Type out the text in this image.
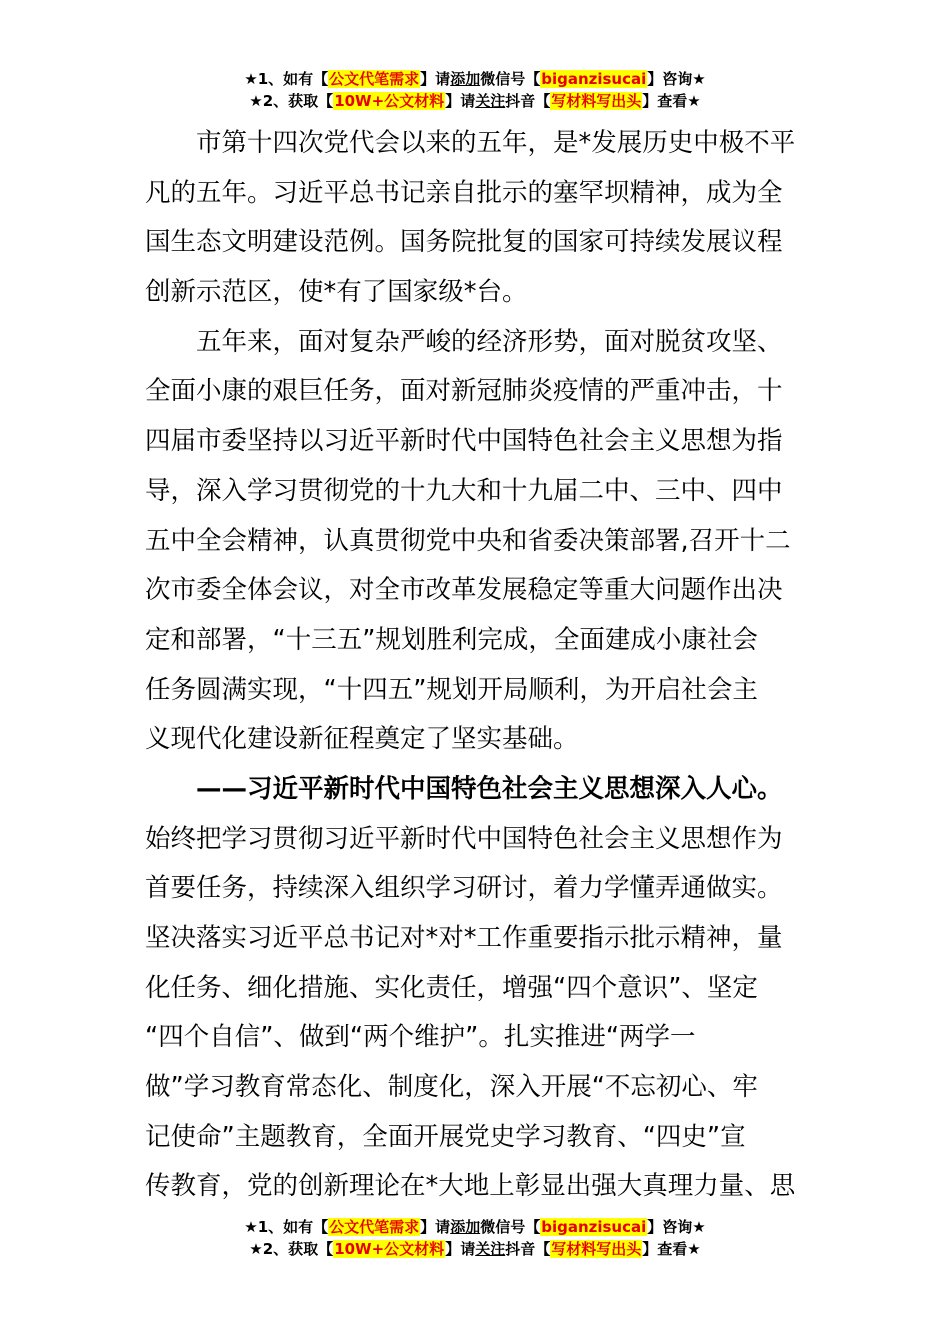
★1、如有【公文代笔需求】请添加微信号【biganzisucai】咨询★
★2、获取【10W+公文材料】请关注抖音【写材料写出头】查看★
　　市第十四次党代会以来的五年，是*发展历史中极不平
凡的五年。习近平总书记亲自批示的塞罕坝精神，成为全
国生态文明建设范例。国务院批复的国家可持续发展议程
创新示范区，使*有了国家级*台。
　　五年来，面对复杂严峻的经济形势，面对脱贫攻坚、
全面小康的艰巨任务，面对新冠肺炎疫情的严重冲击，十
四届市委坚持以习近平新时代中国特色社会主义思想为指
导，深入学习贯彻党的十九大和十九届二中、三中、四中
五中全会精神，认真贯彻党中央和省委决策部署,召开十二
次市委全体会议，对全市改革发展稳定等重大问题作出决
定和部署，“十三五”规划胜利完成，全面建成小康社会
任务圆满实现，“十四五”规划开局顺利，为开启社会主
义现代化建设新征程奠定了坚实基础。
　　——习近平新时代中国特色社会主义思想深入人心。
始终把学习贯彻习近平新时代中国特色社会主义思想作为
首要任务，持续深入组织学习研讨，着力学懂弄通做实。
坚决落实习近平总书记对*对*工作重要指示批示精神，量
化任务、细化措施、实化责任，增强“四个意识”、坚定
“四个自信”、做到“两个维护”。扎实推进“两学一
做”学习教育常态化、制度化，深入开展“不忘初心、牢
记使命”主题教育，全面开展党史学习教育、“四史”宣
传教育，党的创新理论在*大地上彰显出强大真理力量、思
★1、如有【公文代笔需求】请添加微信号【biganzisucai】咨询★
★2、获取【10W+公文材料】请关注抖音【写材料写出头】查看★
